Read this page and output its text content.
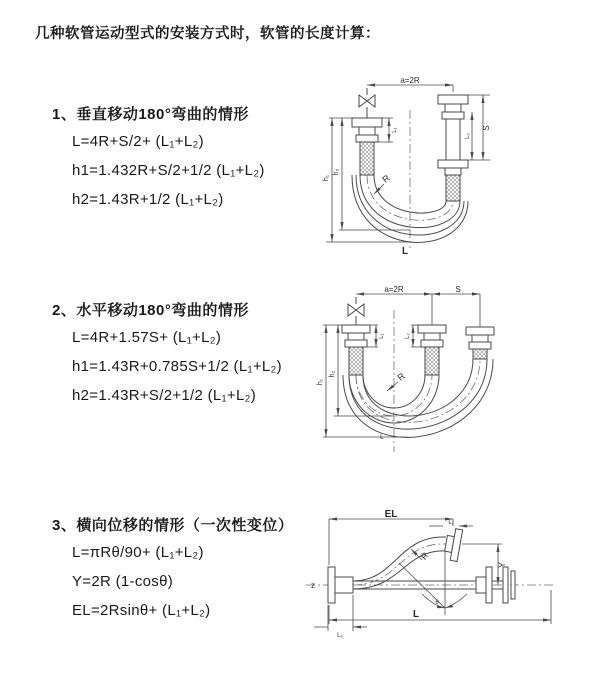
几种软管运动型式的安装方式时，软管的长度计算：

1、垂直移动180°弯曲的情形

L=4R+S/2+ (L₁+L₂)

h1=1.432R+S/2+1/2 (L₁+L₂)

h2=1.43R+1/2 (L₁+L₂)

a=2R
S
L₂
h₂
h₁
L₁
R
L

2、水平移动180°弯曲的情形

L=4R+1.57S+ (L₁+L₂)

h1=1.43R+0.785S+1/2 (L₁+L₂)

h2=1.43R+S/2+1/2 (L₁+L₂)

a=2R	S
L₁	L₂
h₂
h₁	R
L

3、横向位移的情形（一次性变位）

L=πRθ/90+ (L₁+L₂)

Y=2R (1-cosθ)

EL=2Rsinθ+ (L₁+L₂)

z
θ
EL
L₁
Y
R
L
L₂
